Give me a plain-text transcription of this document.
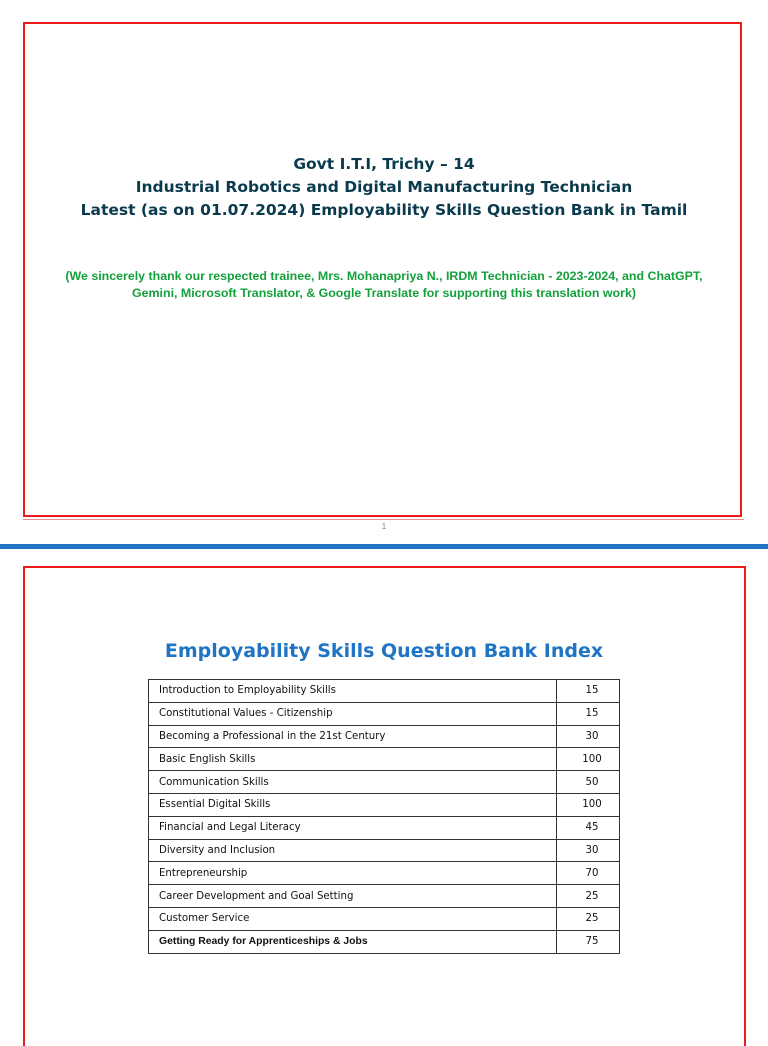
Govt I.T.I, Trichy – 14
Industrial Robotics and Digital Manufacturing Technician
Latest (as on 01.07.2024) Employability Skills Question Bank in Tamil
(We sincerely thank our respected trainee, Mrs. Mohanapriya N., IRDM Technician - 2023-2024, and ChatGPT,
Gemini, Microsoft Translator, & Google Translate for supporting this translation work)
1
Employability Skills Question Bank Index
Introduction to Employability Skills	15
Constitutional Values - Citizenship	15
Becoming a Professional in the 21st Century	30
Basic English Skills	100
Communication Skills	50
Essential Digital Skills	100
Financial and Legal Literacy	45
Diversity and Inclusion	30
Entrepreneurship	70
Career Development and Goal Setting	25
Customer Service	25
Getting Ready for Apprenticeships & Jobs	75
